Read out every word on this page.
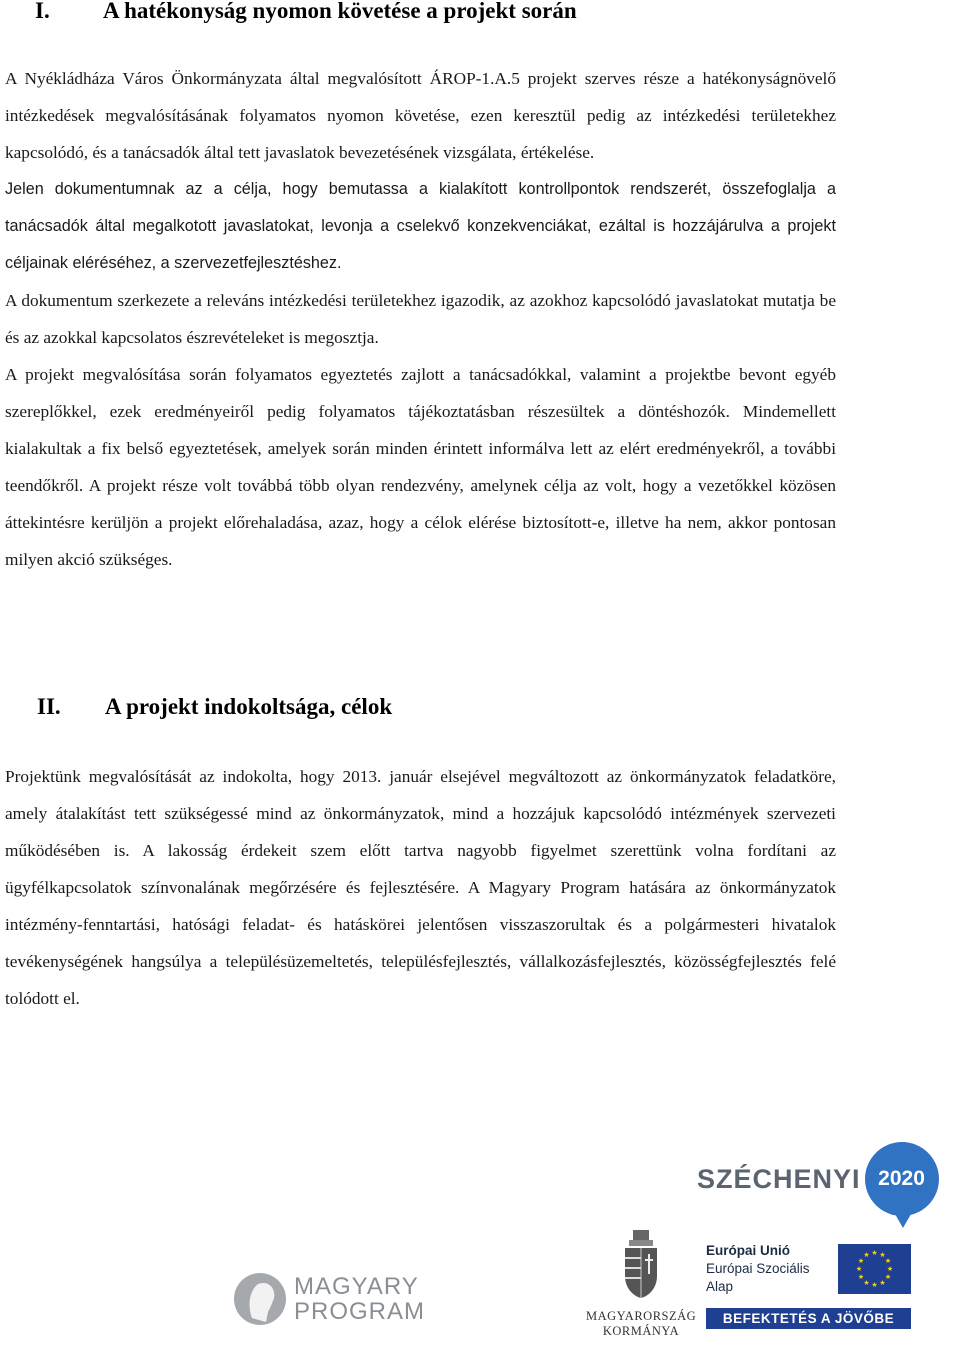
I.	A hatékonyság nyomon követése a projekt során

A Nyékládháza Város Önkormányzata által megvalósított ÁROP-1.A.5 projekt szerves része a hatékonyságnövelő intézkedések megvalósításának folyamatos nyomon követése, ezen keresztül pedig az intézkedési területekhez kapcsolódó, és a tanácsadók által tett javaslatok bevezetésének vizsgálata, értékelése.

Jelen dokumentumnak az a célja, hogy bemutassa a kialakított kontrollpontok rendszerét, összefoglalja a tanácsadók által megalkotott javaslatokat, levonja a cselekvő konzekvenciákat, ezáltal is hozzájárulva a projekt céljainak eléréséhez, a szervezetfejlesztéshez.

A dokumentum szerkezete a releváns intézkedési területekhez igazodik, az azokhoz kapcsolódó javaslatokat mutatja be és az azokkal kapcsolatos észrevételeket is megosztja.

A projekt megvalósítása során folyamatos egyeztetés zajlott a tanácsadókkal, valamint a projektbe bevont egyéb szereplőkkel, ezek eredményeiről pedig folyamatos tájékoztatásban részesültek a döntéshozók. Mindemellett kialakultak a fix belső egyeztetések, amelyek során minden érintett informálva lett az elért eredményekről, a további teendőkről. A projekt része volt továbbá több olyan rendezvény, amelynek célja az volt, hogy a vezetőkkel közösen áttekintésre kerüljön a projekt előrehaladása, azaz, hogy a célok elérése biztosított-e, illetve ha nem, akkor pontosan milyen akció szükséges.

II.	A projekt indokoltsága, célok

Projektünk megvalósítását az indokolta, hogy 2013. január elsejével megváltozott az önkormányzatok feladatköre, amely átalakítást tett szükségessé mind az önkormányzatok, mind a hozzájuk kapcsolódó intézmények szervezeti működésében is. A lakosság érdekeit szem előtt tartva nagyobb figyelmet szerettünk volna fordítani az ügyfélkapcsolatok színvonalának megőrzésére és fejlesztésére. A Magyary Program hatására az önkormányzatok intézmény-fenntartási, hatósági feladat- és hatáskörei jelentősen visszaszorultak és a polgármesteri hivatalok tevékenységének hangsúlya a településüzemeltetés, településfejlesztés, vállalkozásfejlesztés, közösségfejlesztés felé tolódott el.

SZÉCHENYI 2020
MAGYARY
PROGRAM	MAGYARORSZÁG
KORMÁNYA
Európai Unió
Európai Szociális
Alap
★ ★
★
★
★
★
★
★
★
★
★
★
BEFEKTETÉS A JÖVŐBE
